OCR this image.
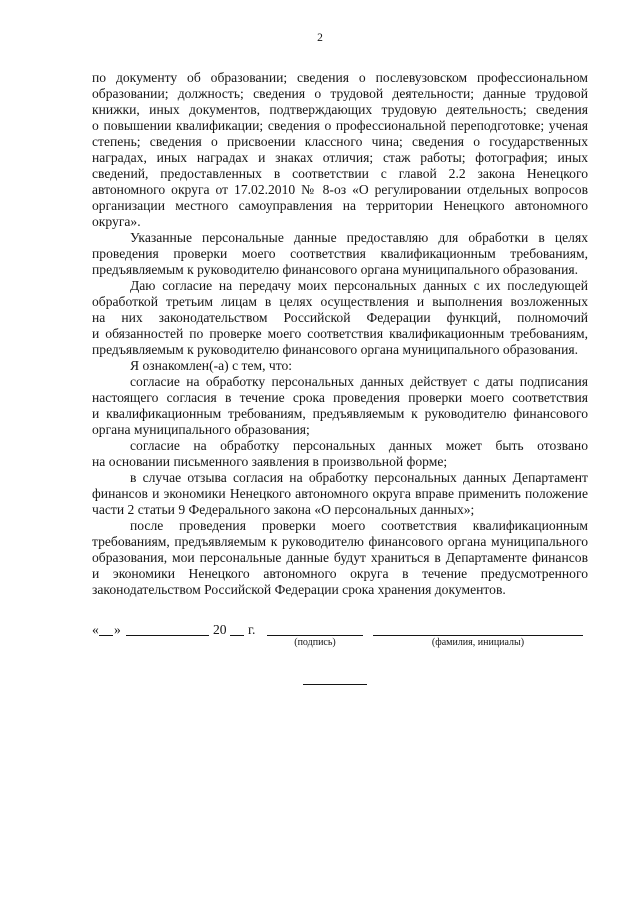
2
по документу об образовании; сведения о послевузовском профессиональном
образовании; должность; сведения о трудовой деятельности; данные трудовой
книжки, иных документов, подтверждающих трудовую деятельность; сведения
о повышении квалификации; сведения о профессиональной переподготовке; ученая
степень; сведения о присвоении классного чина; сведения о государственных
наградах, иных наградах и знаках отличия; стаж работы; фотография; иных
сведений, предоставленных в соответствии с главой 2.2 закона Ненецкого
автономного округа от 17.02.2010 № 8-оз «О регулировании отдельных вопросов
организации местного самоуправления на территории Ненецкого автономного
округа».
Указанные персональные данные предоставляю для обработки в целях
проведения проверки моего соответствия квалификационным требованиям,
предъявляемым к руководителю финансового органа муниципального образования.
Даю согласие на передачу моих персональных данных с их последующей
обработкой третьим лицам в целях осуществления и выполнения возложенных
на них законодательством Российской Федерации функций, полномочий
и обязанностей по проверке моего соответствия квалификационным требованиям,
предъявляемым к руководителю финансового органа муниципального образования.
Я ознакомлен(-а) с тем, что:
согласие на обработку персональных данных действует с даты подписания
настоящего согласия в течение срока проведения проверки моего соответствия
и квалификационным требованиям, предъявляемым к руководителю финансового
органа муниципального образования;
согласие на обработку персональных данных может быть отозвано
на основании письменного заявления в произвольной форме;
в случае отзыва согласия на обработку персональных данных Департамент
финансов и экономики Ненецкого автономного округа вправе применить положение
части 2 статьи 9 Федерального закона «О персональных данных»;
после проведения проверки моего соответствия квалификационным
требованиям, предъявляемым к руководителю финансового органа муниципального
образования, мои персональные данные будут храниться в Департаменте финансов
и экономики Ненецкого автономного округа в течение предусмотренного
законодательством Российской Федерации срока хранения документов.
« »	20 г.
(подпись)	(фамилия, инициалы)
